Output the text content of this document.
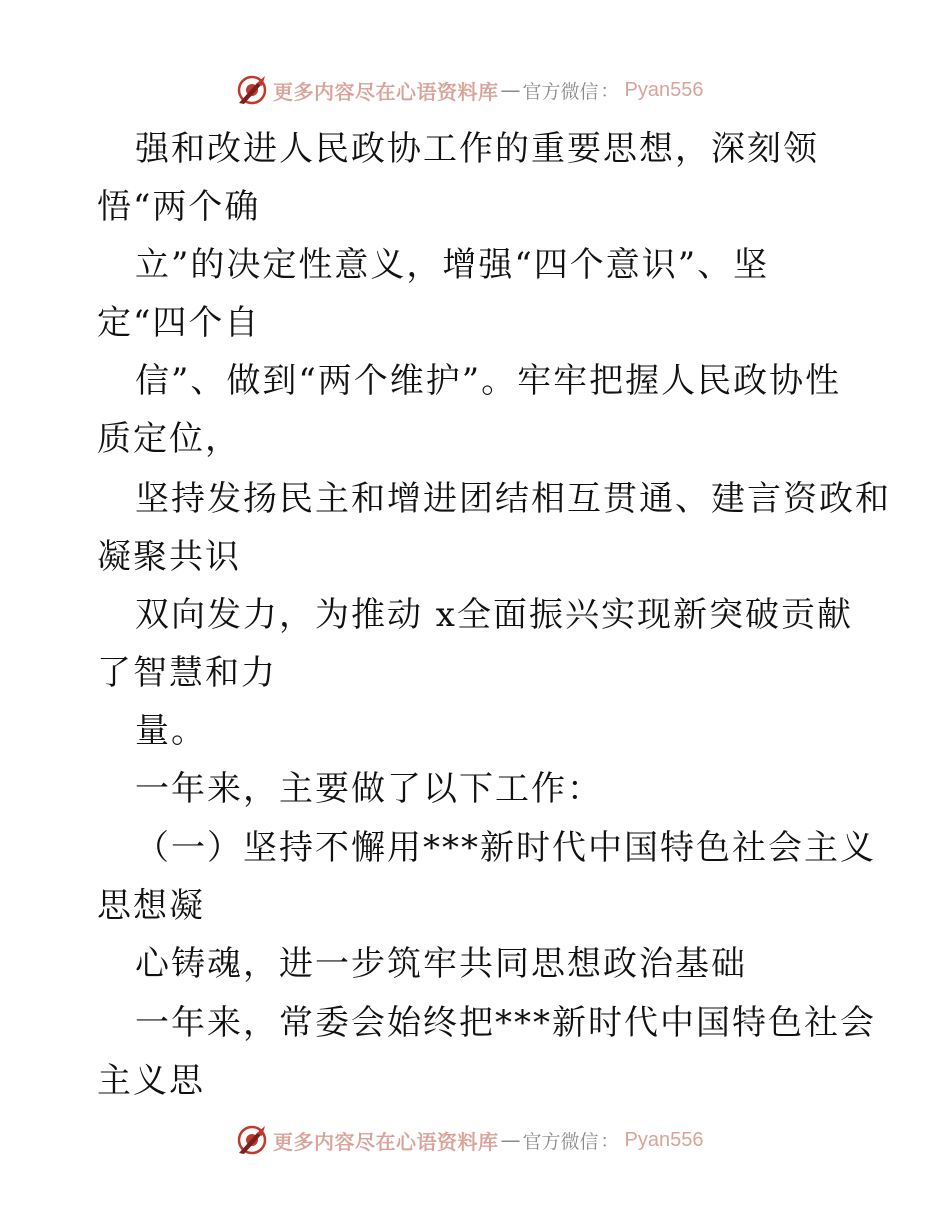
更多内容尽在心语资料库 — 官方微信 ： Pyan556
强和改进人民政协工作的重要思想，深刻领
悟“两个确
立”的决定性意义，增强“四个意识”、坚
定“四个自
信”、做到“两个维护”。牢牢把握人民政协性
质定位，
坚持发扬民主和增进团结相互贯通、建言资政和
凝聚共识
双向发力，为推动 x全面振兴实现新突破贡献
了智慧和力
量。
一年来，主要做了以下工作：
（一）坚持不懈用***新时代中国特色社会主义
思想凝
心铸魂，进一步筑牢共同思想政治基础
一年来，常委会始终把***新时代中国特色社会
主义思
更多内容尽在心语资料库 — 官方微信 ： Pyan556
